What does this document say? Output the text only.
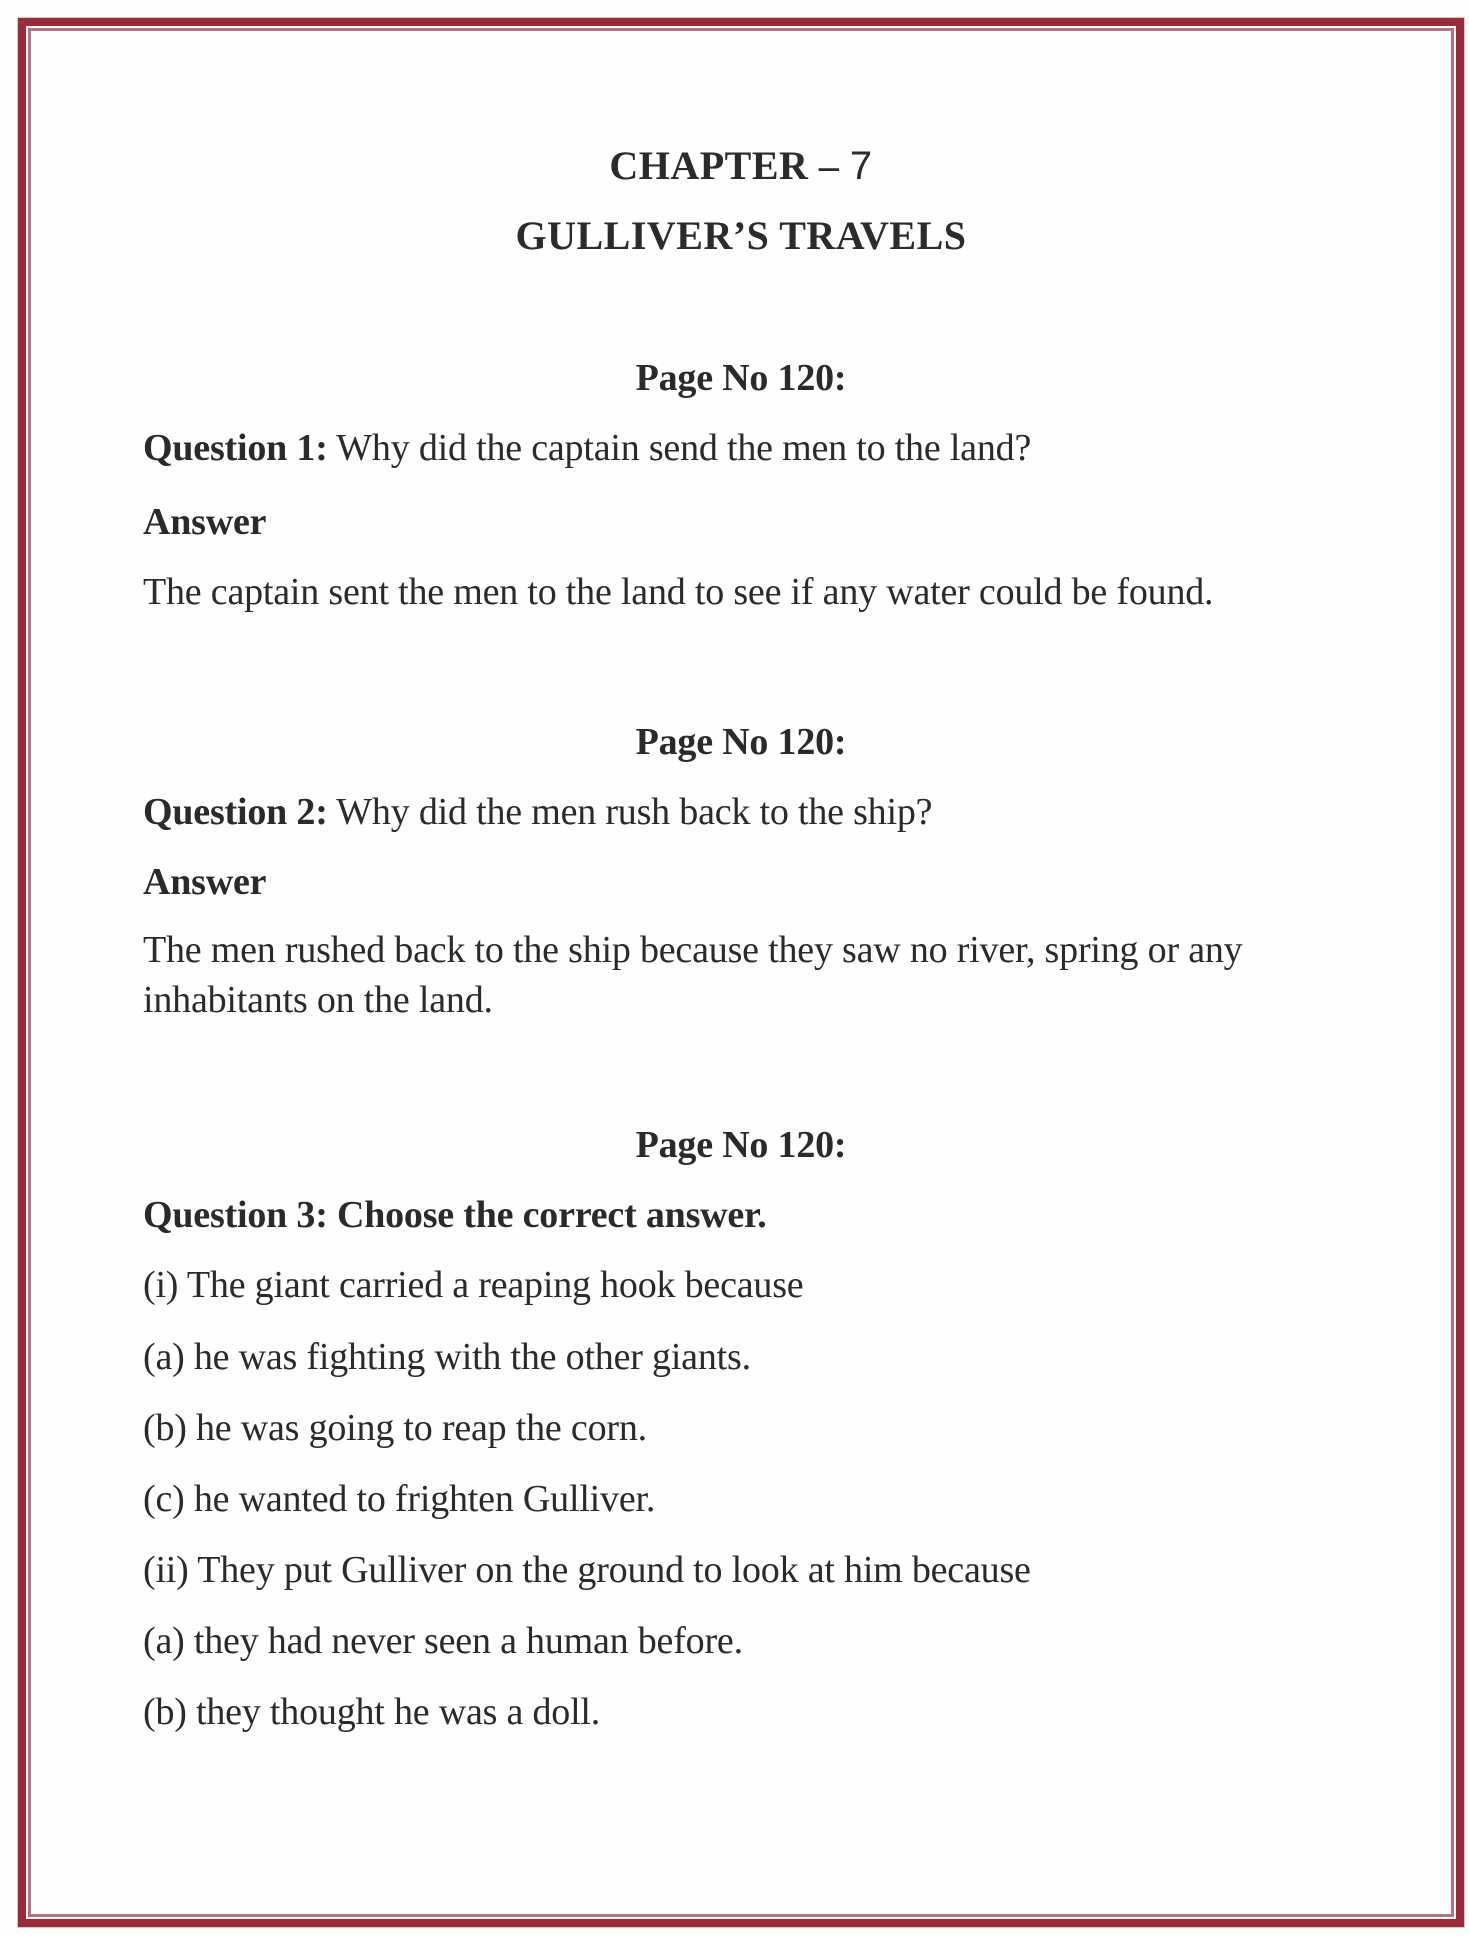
CHAPTER – 7
GULLIVER’S TRAVELS
Page No 120:
Question 1: Why did the captain send the men to the land?
Answer
The captain sent the men to the land to see if any water could be found.
Page No 120:
Question 2: Why did the men rush back to the ship?
Answer
The men rushed back to the ship because they saw no river, spring or any
inhabitants on the land.
Page No 120:
Question 3: Choose the correct answer.
(i) The giant carried a reaping hook because
(a) he was fighting with the other giants.
(b) he was going to reap the corn.
(c) he wanted to frighten Gulliver.
(ii) They put Gulliver on the ground to look at him because
(a) they had never seen a human before.
(b) they thought he was a doll.
